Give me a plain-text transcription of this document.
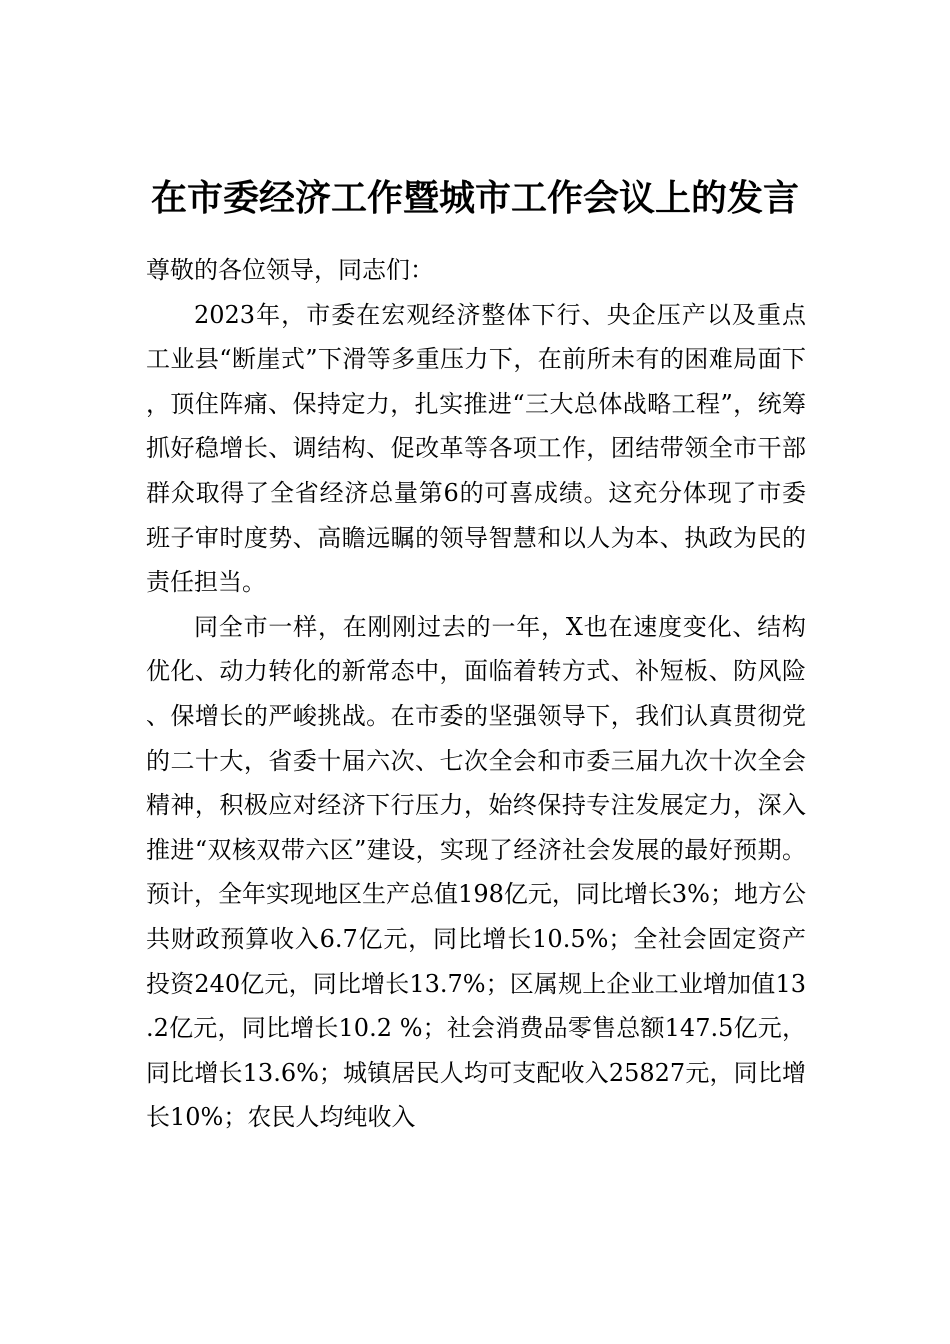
在市委经济工作暨城市工作会议上的发言

尊敬的各位领导，同志们：

2023年，市委在宏观经济整体下行、央企压产以及重点工业县“断崖式”下滑等多重压力下，在前所未有的困难局面下，顶住阵痛、保持定力，扎实推进“三大总体战略工程”，统筹抓好稳增长、调结构、促改革等各项工作，团结带领全市干部群众取得了全省经济总量第6的可喜成绩。这充分体现了市委班子审时度势、高瞻远瞩的领导智慧和以人为本、执政为民的责任担当。

同全市一样，在刚刚过去的一年，X也在速度变化、结构优化、动力转化的新常态中，面临着转方式、补短板、防风险、保增长的严峻挑战。在市委的坚强领导下，我们认真贯彻党的二十大，省委十届六次、七次全会和市委三届九次十次全会精神，积极应对经济下行压力，始终保持专注发展定力，深入推进“双核双带六区”建设，实现了经济社会发展的最好预期。预计，全年实现地区生产总值198亿元，同比增长3%；地方公共财政预算收入6.7亿元，同比增长10.5%；全社会固定资产投资240亿元，同比增长13.7%；区属规上企业工业增加值13.2亿元，同比增长10.2 %；社会消费品零售总额147.5亿元，同比增长13.6%；城镇居民人均可支配收入25827元，同比增长10%；农民人均纯收入
